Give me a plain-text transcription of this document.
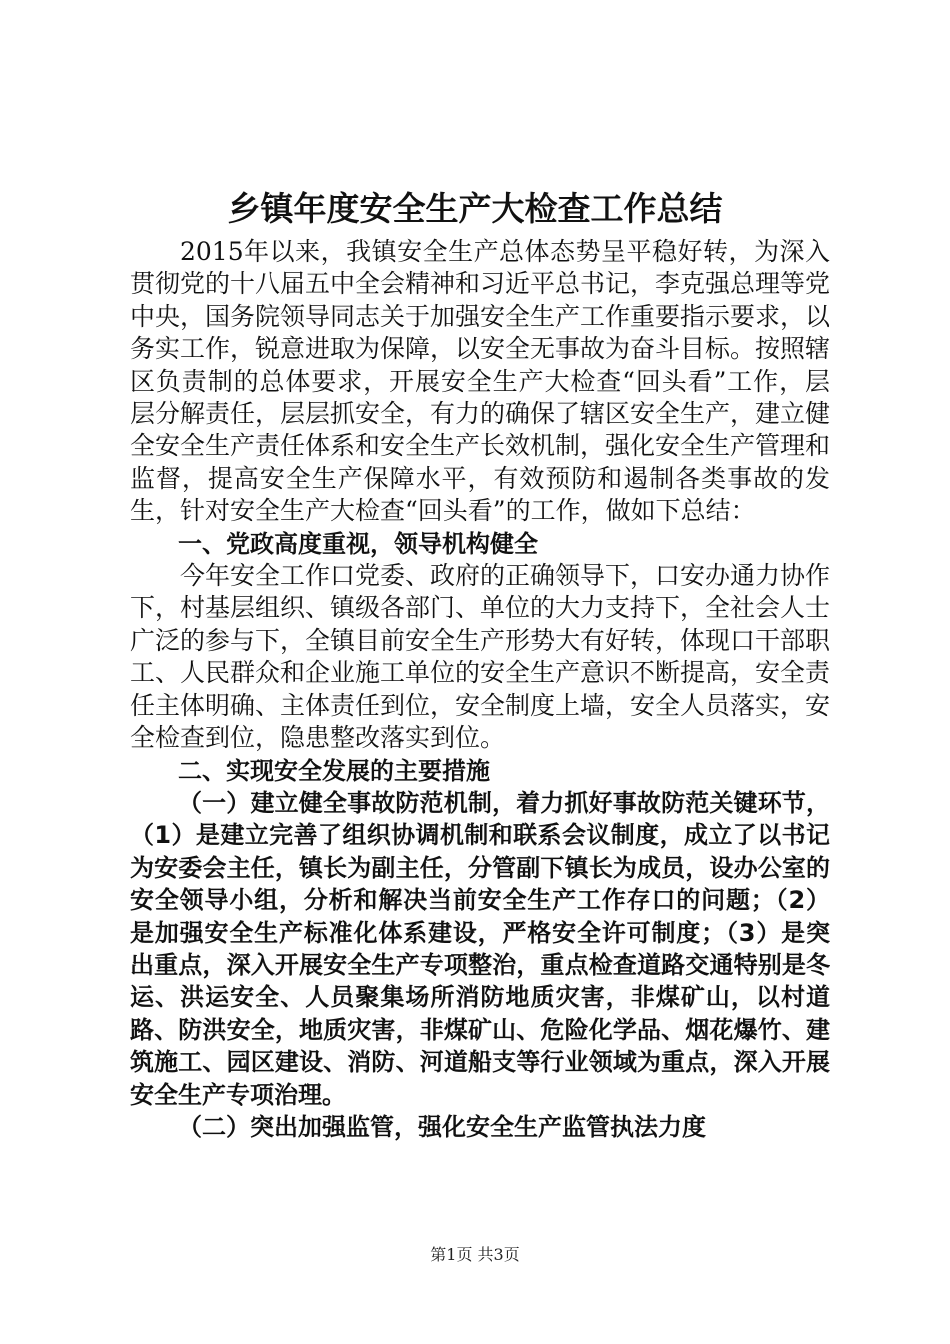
乡镇年度安全生产大检查工作总结

2015年以来，我镇安全生产总体态势呈平稳好转，为深入贯彻党的十八届五中全会精神和习近平总书记，李克强总理等党中央，国务院领导同志关于加强安全生产工作重要指示要求，以务实工作，锐意进取为保障，以安全无事故为奋斗目标。按照辖区负责制的总体要求，开展安全生产大检查“回头看”工作，层层分解责任，层层抓安全，有力的确保了辖区安全生产，建立健全安全生产责任体系和安全生产长效机制，强化安全生产管理和监督，提高安全生产保障水平，有效预防和遏制各类事故的发生，针对安全生产大检查“回头看”的工作，做如下总结：

一、党政高度重视，领导机构健全

今年安全工作口党委、政府的正确领导下，口安办通力协作下，村基层组织、镇级各部门、单位的大力支持下，全社会人士广泛的参与下，全镇目前安全生产形势大有好转，体现口干部职工、人民群众和企业施工单位的安全生产意识不断提高，安全责任主体明确、主体责任到位，安全制度上墙，安全人员落实，安全检查到位，隐患整改落实到位。

二、实现安全发展的主要措施

（一）建立健全事故防范机制，着力抓好事故防范关键环节，（1）是建立完善了组织协调机制和联系会议制度，成立了以书记为安委会主任，镇长为副主任，分管副下镇长为成员，设办公室的安全领导小组，分析和解决当前安全生产工作存口的问题；（2）是加强安全生产标准化体系建设，严格安全许可制度；（3）是突出重点，深入开展安全生产专项整治，重点检查道路交通特别是冬运、洪运安全、人员聚集场所消防地质灾害，非煤矿山，以村道路、防洪安全，地质灾害，非煤矿山、危险化学品、烟花爆竹、建筑施工、园区建设、消防、河道船支等行业领域为重点，深入开展安全生产专项治理。

（二）突出加强监管，强化安全生产监管执法力度

第1页 共3页
